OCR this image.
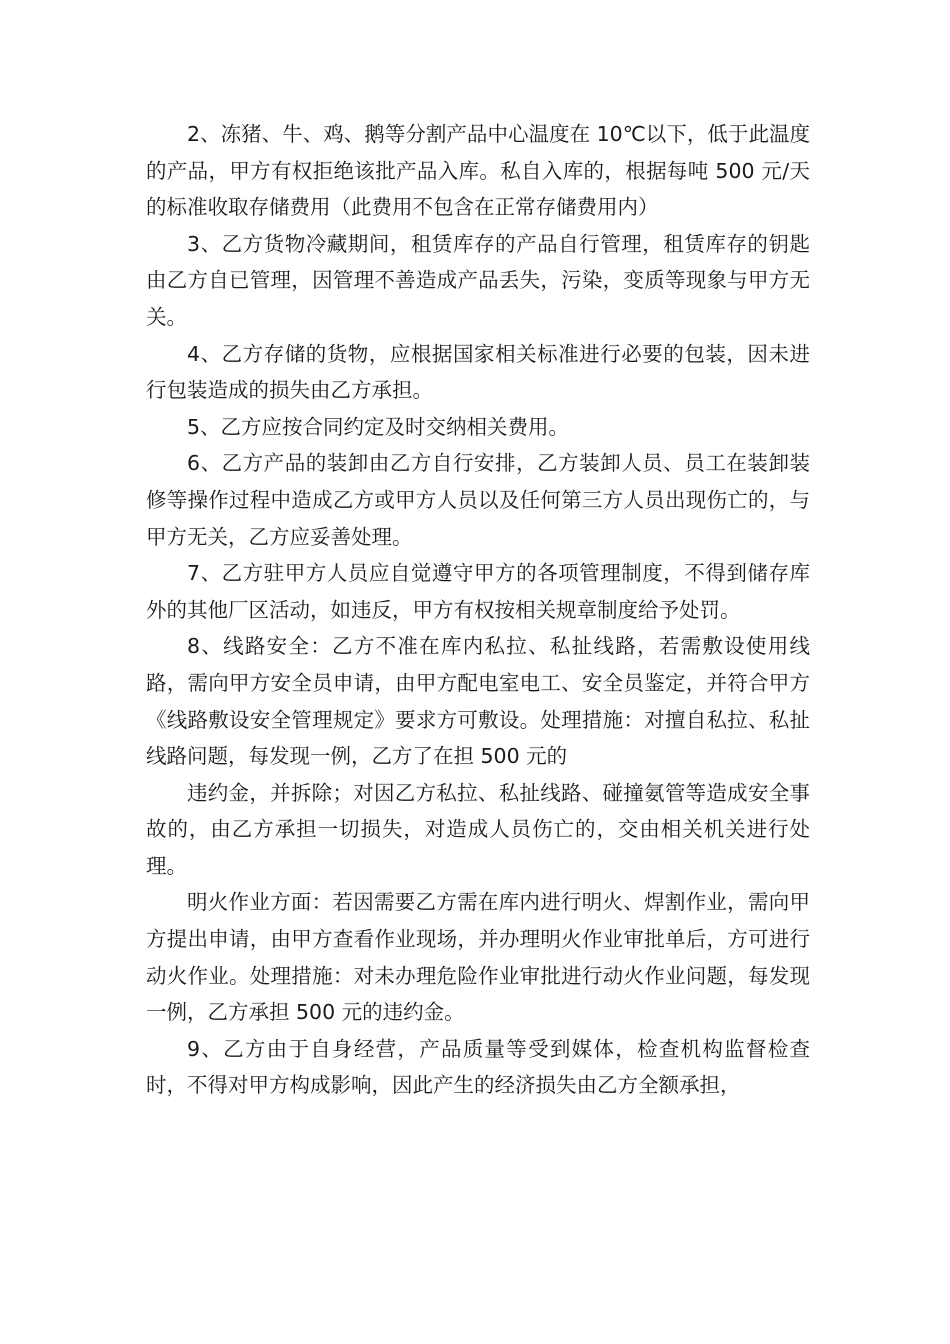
2、冻猪、牛、鸡、鹅等分割产品中心温度在 10℃以下，低于此温度的产品，甲方有权拒绝该批产品入库。私自入库的，根据每吨 500 元/天的标准收取存储费用（此费用不包含在正常存储费用内）

3、乙方货物冷藏期间，租赁库存的产品自行管理，租赁库存的钥匙由乙方自已管理，因管理不善造成产品丢失，污染，变质等现象与甲方无关。

4、乙方存储的货物，应根据国家相关标准进行必要的包装，因未进行包装造成的损失由乙方承担。

5、乙方应按合同约定及时交纳相关费用。

6、乙方产品的装卸由乙方自行安排，乙方装卸人员、员工在装卸装修等操作过程中造成乙方或甲方人员以及任何第三方人员出现伤亡的，与甲方无关，乙方应妥善处理。

7、乙方驻甲方人员应自觉遵守甲方的各项管理制度，不得到储存库外的其他厂区活动，如违反，甲方有权按相关规章制度给予处罚。

8、线路安全：乙方不准在库内私拉、私扯线路，若需敷设使用线路，需向甲方安全员申请，由甲方配电室电工、安全员鉴定，并符合甲方《线路敷设安全管理规定》要求方可敷设。处理措施：对擅自私拉、私扯线路问题，每发现一例，乙方了在担 500 元的

违约金，并拆除；对因乙方私拉、私扯线路、碰撞氨管等造成安全事故的，由乙方承担一切损失，对造成人员伤亡的，交由相关机关进行处理。

明火作业方面：若因需要乙方需在库内进行明火、焊割作业，需向甲方提出申请，由甲方查看作业现场，并办理明火作业审批单后，方可进行动火作业。处理措施：对未办理危险作业审批进行动火作业问题，每发现一例，乙方承担 500 元的违约金。

9、乙方由于自身经营，产品质量等受到媒体，检查机构监督检查时，不得对甲方构成影响，因此产生的经济损失由乙方全额承担，
